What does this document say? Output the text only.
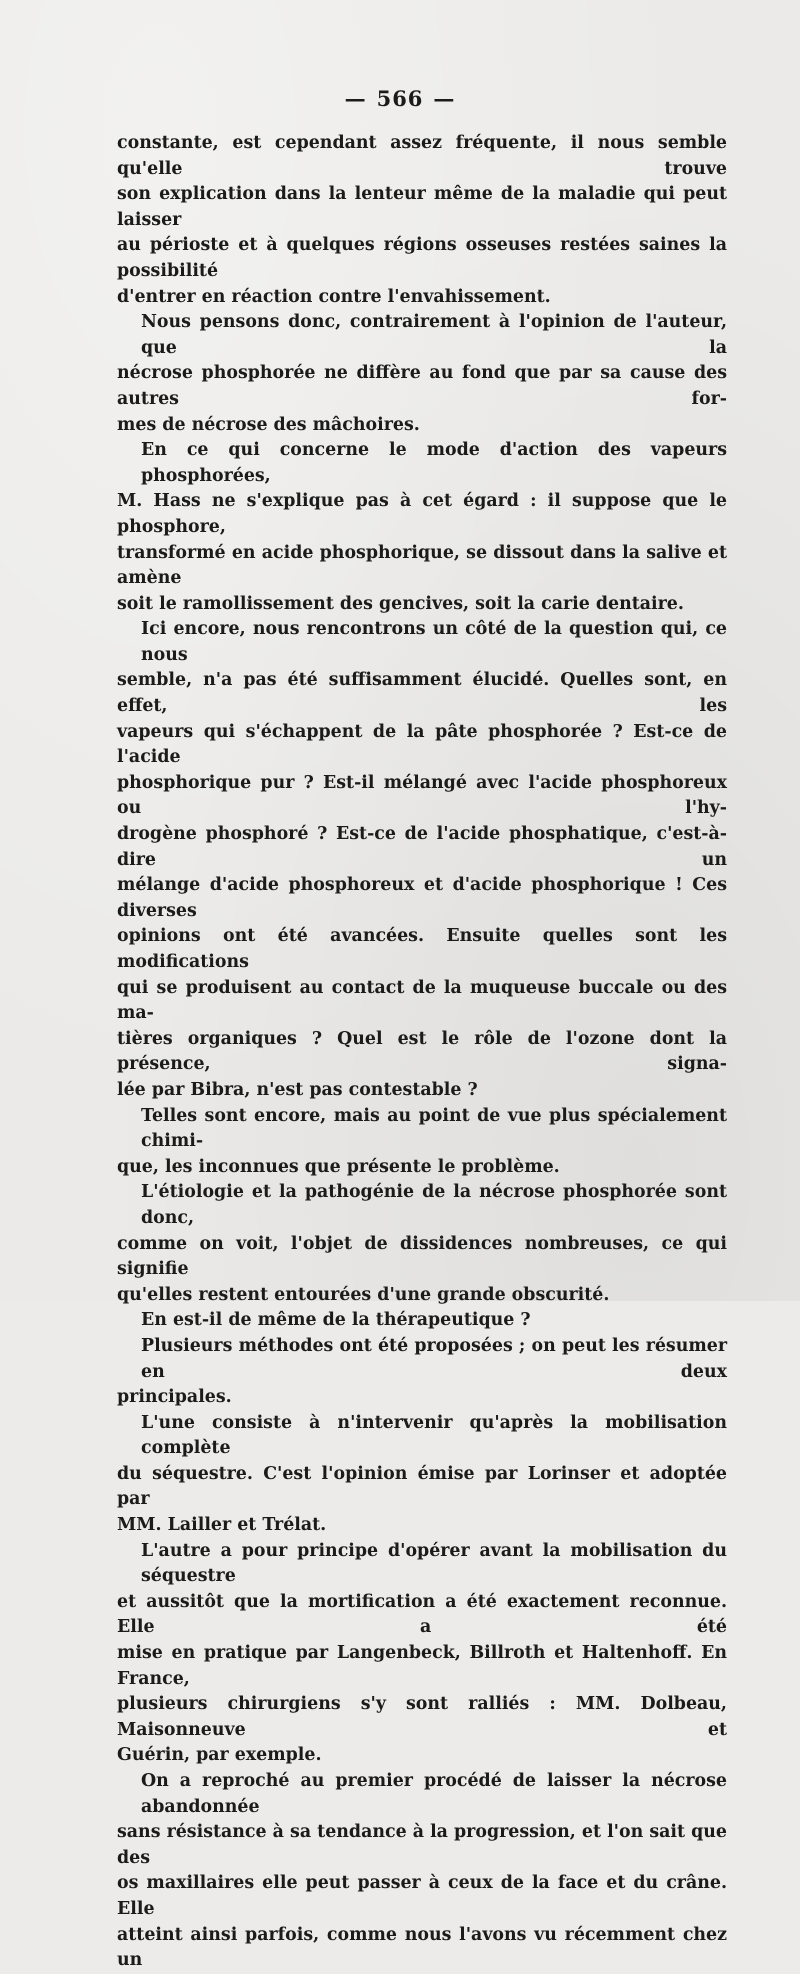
— 566 —
constante, est cependant assez fréquente, il nous semble qu'elle trouve
son explication dans la lenteur même de la maladie qui peut laisser
au périoste et à quelques régions osseuses restées saines la possibilité
d'entrer en réaction contre l'envahissement.
Nous pensons donc, contrairement à l'opinion de l'auteur, que la
nécrose phosphorée ne diffère au fond que par sa cause des autres for-
mes de nécrose des mâchoires.
En ce qui concerne le mode d'action des vapeurs phosphorées,
M. Hass ne s'explique pas à cet égard : il suppose que le phosphore,
transformé en acide phosphorique, se dissout dans la salive et amène
soit le ramollissement des gencives, soit la carie dentaire.
Ici encore, nous rencontrons un côté de la question qui, ce nous
semble, n'a pas été suffisamment élucidé. Quelles sont, en effet, les
vapeurs qui s'échappent de la pâte phosphorée ? Est-ce de l'acide
phosphorique pur ? Est-il mélangé avec l'acide phosphoreux ou l'hy-
drogène phosphoré ? Est-ce de l'acide phosphatique, c'est-à-dire un
mélange d'acide phosphoreux et d'acide phosphorique ! Ces diverses
opinions ont été avancées. Ensuite quelles sont les modifications
qui se produisent au contact de la muqueuse buccale ou des ma-
tières organiques ? Quel est le rôle de l'ozone dont la présence, signa-
lée par Bibra, n'est pas contestable ?
Telles sont encore, mais au point de vue plus spécialement chimi-
que, les inconnues que présente le problème.
L'étiologie et la pathogénie de la nécrose phosphorée sont donc,
comme on voit, l'objet de dissidences nombreuses, ce qui signifie
qu'elles restent entourées d'une grande obscurité.
En est-il de même de la thérapeutique ?
Plusieurs méthodes ont été proposées ; on peut les résumer en deux
principales.
L'une consiste à n'intervenir qu'après la mobilisation complète
du séquestre. C'est l'opinion émise par Lorinser et adoptée par
MM. Lailler et Trélat.
L'autre a pour principe d'opérer avant la mobilisation du séquestre
et aussitôt que la mortification a été exactement reconnue. Elle a été
mise en pratique par Langenbeck, Billroth et Haltenhoff. En France,
plusieurs chirurgiens s'y sont ralliés : MM. Dolbeau, Maisonneuve et
Guérin, par exemple.
On a reproché au premier procédé de laisser la nécrose abandonnée
sans résistance à sa tendance à la progression, et l'on sait que des
os maxillaires elle peut passer à ceux de la face et du crâne. Elle
atteint ainsi parfois, comme nous l'avons vu récemment chez un
